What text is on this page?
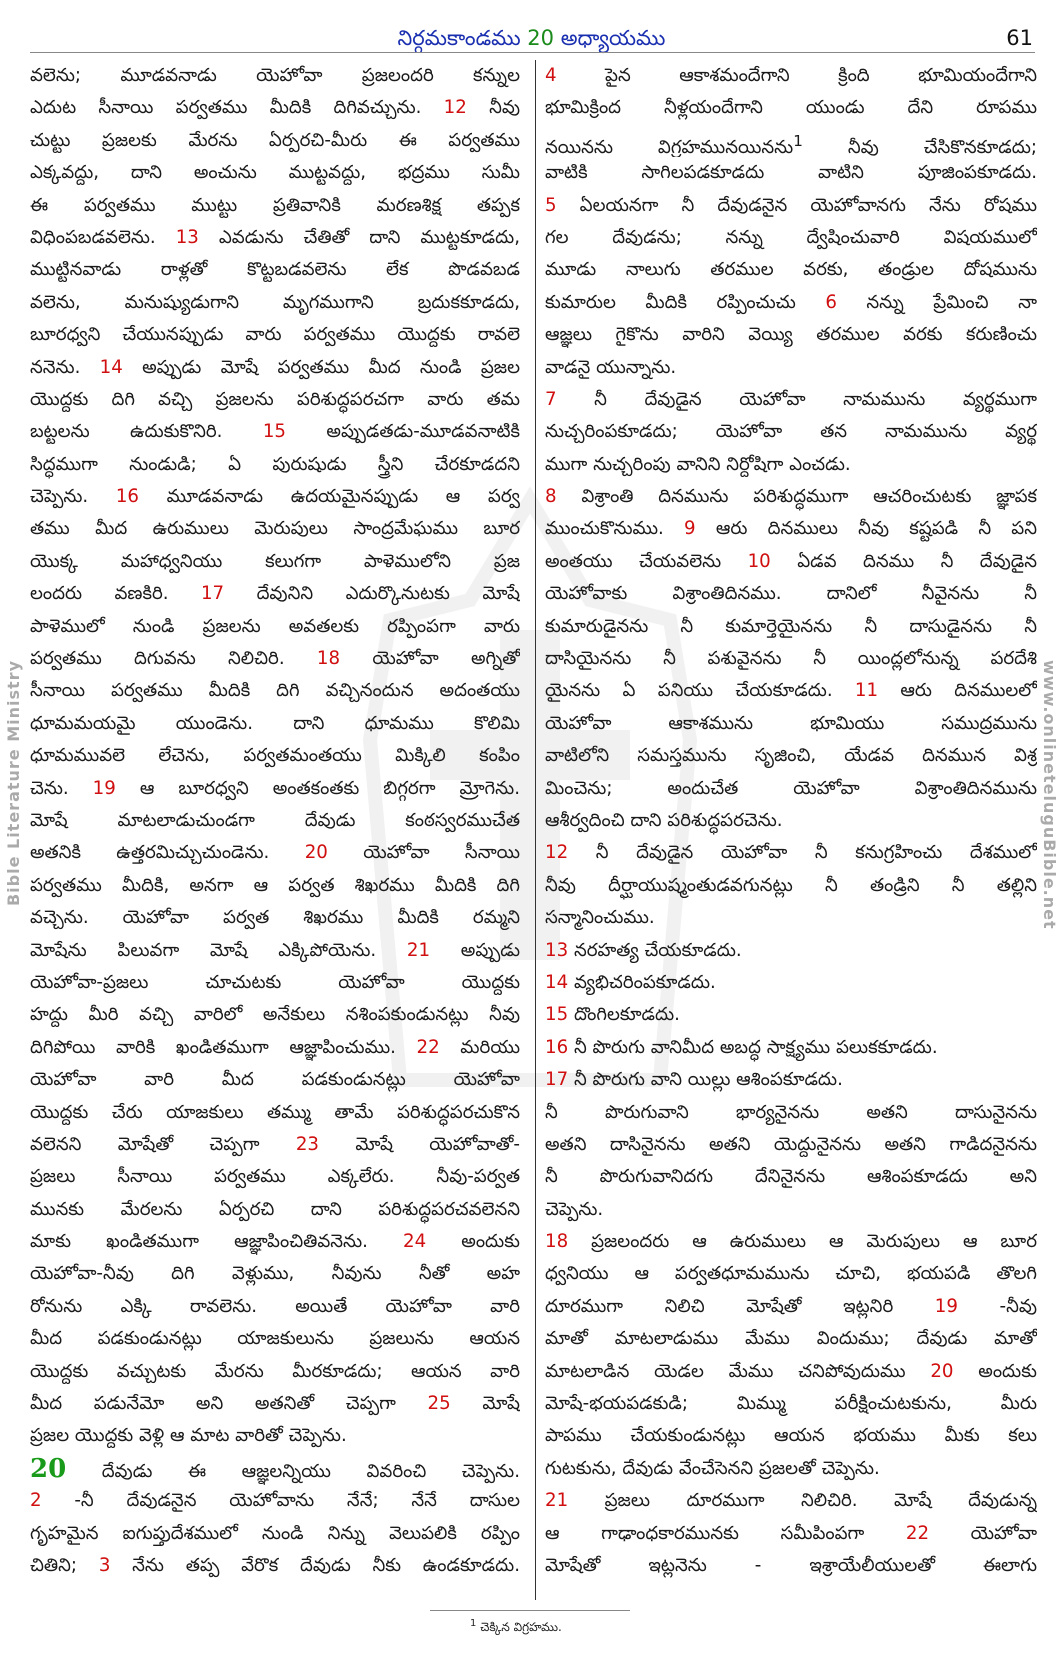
నిర్గమకాండము 20 అధ్యాయము	61
వలెను; మూడవనాడు యెహోవా ప్రజలందరి కన్నుల
ఎదుట సీనాయి పర్వతము మీదికి దిగివచ్చును. 12 నీవు
చుట్టు ప్రజలకు మేరను ఏర్పరచి-మీరు ఈ పర్వతము
ఎక్కవద్దు, దాని అంచును ముట్టవద్దు, భద్రము సుమీ
ఈ పర్వతము ముట్టు ప్రతివానికి మరణశిక్ష తప్పక
విధింపబడవలెను. 13 ఎవడును చేతితో దాని ముట్టకూడదు,
ముట్టినవాడు రాళ్లతో కొట్టబడవలెను లేక పొడవబడ
వలెను, మనుష్యుడుగాని మృగముగాని బ్రదుకకూడదు,
బూరధ్వని చేయునప్పుడు వారు పర్వతము యొద్దకు రావలె
ననెను. 14 అప్పుడు మోషే పర్వతము మీద నుండి ప్రజల
యొద్దకు దిగి వచ్చి ప్రజలను పరిశుద్ధపరచగా వారు తమ
బట్టలను ఉదుకుకొనిరి. 15 అప్పుడతడు-మూడవనాటికి
సిద్ధముగా నుండుడి; ఏ పురుషుడు స్త్రీని చేరకూడదని
చెప్పెను. 16 మూడవనాడు ఉదయమైనప్పుడు ఆ పర్వ
తము మీద ఉరుములు మెరుపులు సాంద్రమేఘము బూర
యొక్క మహాధ్వనియు కలుగగా పాళెములోని ప్రజ
లందరు వణకిరి. 17 దేవునిని ఎదుర్కొనుటకు మోషే
పాళెములో నుండి ప్రజలను అవతలకు రప్పింపగా వారు
పర్వతము దిగువను నిలిచిరి. 18 యెహోవా అగ్నితో
సీనాయి పర్వతము మీదికి దిగి వచ్చినందున అదంతయు
ధూమమయమై యుండెను. దాని ధూమము కొలిమి
ధూమమువలె లేచెను, పర్వతమంతయు మిక్కిలి కంపిం
చెను. 19 ఆ బూరధ్వని అంతకంతకు బిగ్గరగా మ్రోగెను.
మోషే మాటలాడుచుండగా దేవుడు కంఠస్వరముచేత
అతనికి ఉత్తరమిచ్చుచుండెను. 20 యెహోవా సీనాయి
పర్వతము మీదికి, అనగా ఆ పర్వత శిఖరము మీదికి దిగి
వచ్చెను. యెహోవా పర్వత శిఖరము మీదికి రమ్మని
మోషేను పిలువగా మోషే ఎక్కిపోయెను. 21 అప్పుడు
యెహోవా-ప్రజలు చూచుటకు యెహోవా యొద్దకు
హద్దు మీరి వచ్చి వారిలో అనేకులు నశింపకుండునట్లు నీవు
దిగిపోయి వారికి ఖండితముగా ఆజ్ఞాపించుము. 22 మరియు
యెహోవా వారి మీద పడకుండునట్లు యెహోవా
యొద్దకు చేరు యాజకులు తమ్ము తామే పరిశుద్ధపరచుకొన
వలెనని మోషేతో చెప్పగా 23 మోషే యెహోవాతో-
ప్రజలు సీనాయి పర్వతము ఎక్కలేరు. నీవు-పర్వత
మునకు మేరలను ఏర్పరచి దాని పరిశుద్ధపరచవలెనని
మాకు ఖండితముగా ఆజ్ఞాపించితివనెను. 24 అందుకు
యెహోవా-నీవు దిగి వెళ్లుము, నీవును నీతో అహ
రోనును ఎక్కి రావలెను. అయితే యెహోవా వారి
మీద పడకుండునట్లు యాజకులును ప్రజలును ఆయన
యొద్దకు వచ్చుటకు మేరను మీరకూడదు; ఆయన వారి
మీద పడునేమో అని అతనితో చెప్పగా 25 మోషే
ప్రజల యొద్దకు వెళ్లి ఆ మాట వారితో చెప్పెను.
20 దేవుడు ఈ ఆజ్ఞలన్నియు వివరించి చెప్పెను.
2 -నీ దేవుడనైన యెహోవాను నేనే; నేనే దాసుల
గృహమైన ఐగుప్తుదేశములో నుండి నిన్ను వెలుపలికి రప్పిం
చితిని; 3 నేను తప్ప వేరొక దేవుడు నీకు ఉండకూడదు.
4 పైన ఆకాశమందేగాని క్రింది భూమియందేగాని
భూమిక్రింద నీళ్లయందేగాని యుండు దేని రూపము
నయినను విగ్రహమునయినను$^1$ నీవు చేసికొనకూడదు;
వాటికి సాగిలపడకూడదు వాటిని పూజింపకూడదు.
5 ఏలయనగా నీ దేవుడనైన యెహోవానగు నేను రోషము
గల దేవుడను; నన్ను ద్వేషించువారి విషయములో
మూడు నాలుగు తరముల వరకు, తండ్రుల దోషమును
కుమారుల మీదికి రప్పించుచు 6 నన్ను ప్రేమించి నా
ఆజ్ఞలు గైకొను వారిని వెయ్యి తరముల వరకు కరుణించు
వాడనై యున్నాను.
7 నీ దేవుడైన యెహోవా నామమును వ్యర్థముగా
నుచ్చరింపకూడదు; యెహోవా తన నామమును వ్యర్థ
ముగా నుచ్చరింపు వానిని నిర్దోషిగా ఎంచడు.
8 విశ్రాంతి దినమును పరిశుద్ధముగా ఆచరించుటకు జ్ఞాపక
ముంచుకొనుము. 9 ఆరు దినములు నీవు కష్టపడి నీ పని
అంతయు చేయవలెను 10 ఏడవ దినము నీ దేవుడైన
యెహోవాకు విశ్రాంతిదినము. దానిలో నీవైనను నీ
కుమారుడైనను నీ కుమార్తెయైనను నీ దాసుడైనను నీ
దాసియైనను నీ పశువైనను నీ యింద్లలోనున్న పరదేశి
యైనను ఏ పనియు చేయకూడదు. 11 ఆరు దినములలో
యెహోవా ఆకాశమును భూమియు సముద్రమును
వాటిలోని సమస్తమును సృజించి, యేడవ దినమున విశ్ర
మించెను; అందుచేత యెహోవా విశ్రాంతిదినమును
ఆశీర్వదించి దాని పరిశుద్ధపరచెను.
12 నీ దేవుడైన యెహోవా నీ కనుగ్రహించు దేశములో
నీవు దీర్ఘాయుష్మంతుడవగునట్లు నీ తండ్రిని నీ తల్లిని
సన్మానించుము.
13 నరహత్య చేయకూడదు.
14 వ్యభిచరింపకూడదు.
15 దొంగిలకూడదు.
16 నీ పొరుగు వానిమీద అబద్ధ సాక్ష్యము పలుకకూడదు.
17 నీ పొరుగు వాని యిల్లు ఆశింపకూడదు.
నీ పొరుగువాని భార్యనైనను అతని దాసునైనను
అతని దాసినైనను అతని యెద్దునైనను అతని గాడిదనైనను
నీ పొరుగువానిదగు దేనినైనను ఆశింపకూడదు అని
చెప్పెను.
18 ప్రజలందరు ఆ ఉరుములు ఆ మెరుపులు ఆ బూర
ధ్వనియు ఆ పర్వతధూమమును చూచి, భయపడి తొలగి
దూరముగా నిలిచి మోషేతో ఇట్లనిరి 19 -నీవు
మాతో మాటలాడుము మేము విందుము; దేవుడు మాతో
మాటలాడిన యెడల మేము చనిపోవుదుము 20 అందుకు
మోషే-భయపడకుడి; మిమ్ము పరీక్షించుటకును, మీరు
పాపము చేయకుండునట్లు ఆయన భయము మీకు కలు
గుటకును, దేవుడు వేంచేసెనని ప్రజలతో చెప్పెను.
21 ప్రజలు దూరముగా నిలిచిరి. మోషే దేవుడున్న
ఆ గాఢాంధకారమునకు సమీపింపగా 22 యెహోవా
మోషేతో ఇట్లనెను - ఇశ్రాయేలీయులతో ఈలాగు
Bible Literature Ministry	www.onlineteluguBible.net
$^1$ చెక్కిన విగ్రహము.
